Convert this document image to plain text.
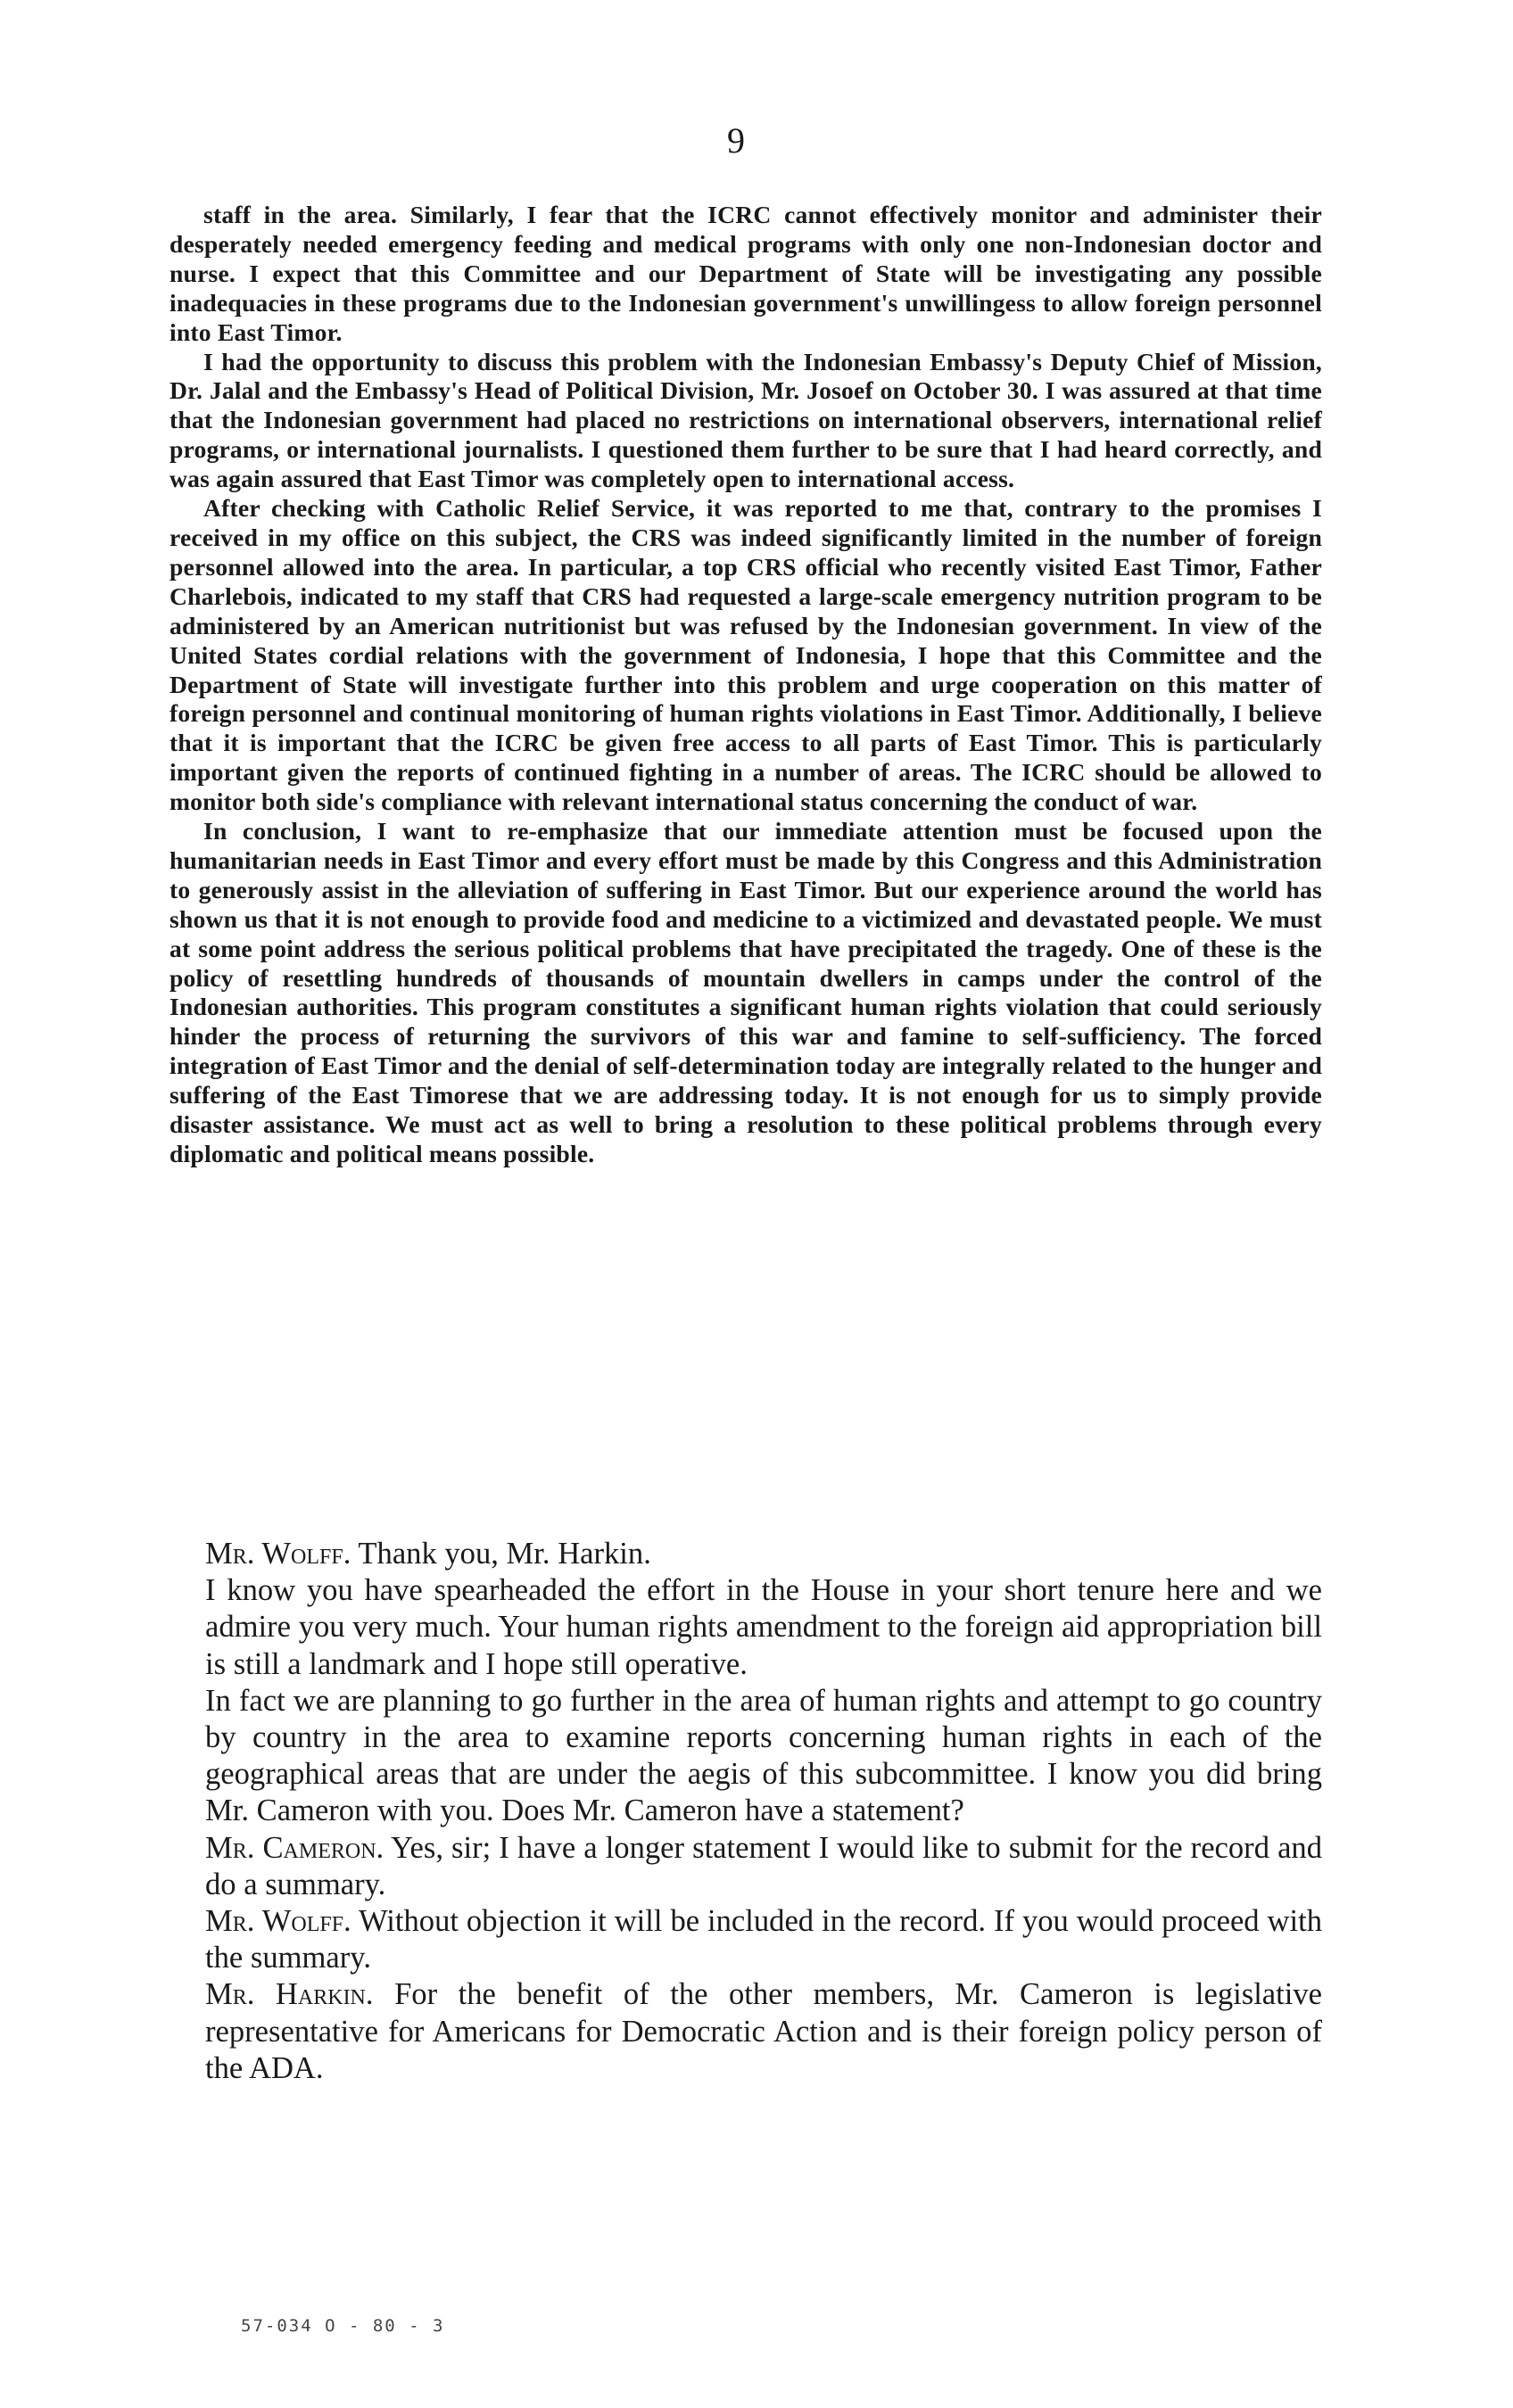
9

staff in the area. Similarly, I fear that the ICRC cannot effectively monitor and administer their desperately needed emergency feeding and medical programs with only one non-Indonesian doctor and nurse. I expect that this Committee and our Department of State will be investigating any possible inadequacies in these programs due to the Indonesian government's unwillingess to allow foreign personnel into East Timor.

I had the opportunity to discuss this problem with the Indonesian Embassy's Deputy Chief of Mission, Dr. Jalal and the Embassy's Head of Political Division, Mr. Josoef on October 30. I was assured at that time that the Indonesian government had placed no restrictions on international observers, international relief programs, or international journalists. I questioned them further to be sure that I had heard correctly, and was again assured that East Timor was completely open to international access.

After checking with Catholic Relief Service, it was reported to me that, contrary to the promises I received in my office on this subject, the CRS was indeed significantly limited in the number of foreign personnel allowed into the area. In particular, a top CRS official who recently visited East Timor, Father Charlebois, indicated to my staff that CRS had requested a large-scale emergency nutrition program to be administered by an American nutritionist but was refused by the Indonesian government. In view of the United States cordial relations with the government of Indonesia, I hope that this Committee and the Department of State will investigate further into this problem and urge cooperation on this matter of foreign personnel and continual monitoring of human rights violations in East Timor. Additionally, I believe that it is important that the ICRC be given free access to all parts of East Timor. This is particularly important given the reports of continued fighting in a number of areas. The ICRC should be allowed to monitor both side's compliance with relevant international status concerning the conduct of war.

In conclusion, I want to re-emphasize that our immediate attention must be focused upon the humanitarian needs in East Timor and every effort must be made by this Congress and this Administration to generously assist in the alleviation of suffering in East Timor. But our experience around the world has shown us that it is not enough to provide food and medicine to a victimized and devastated people. We must at some point address the serious political problems that have precipitated the tragedy. One of these is the policy of resettling hundreds of thousands of mountain dwellers in camps under the control of the Indonesian authorities. This program constitutes a significant human rights violation that could seriously hinder the process of returning the survivors of this war and famine to self-sufficiency. The forced integration of East Timor and the denial of self-determination today are integrally related to the hunger and suffering of the East Timorese that we are addressing today. It is not enough for us to simply provide disaster assistance. We must act as well to bring a resolution to these political problems through every diplomatic and political means possible.

Mr. Wolff. Thank you, Mr. Harkin.

I know you have spearheaded the effort in the House in your short tenure here and we admire you very much. Your human rights amendment to the foreign aid appropriation bill is still a landmark and I hope still operative.

In fact we are planning to go further in the area of human rights and attempt to go country by country in the area to examine reports concerning human rights in each of the geographical areas that are under the aegis of this subcommittee. I know you did bring Mr. Cameron with you. Does Mr. Cameron have a statement?

Mr. Cameron. Yes, sir; I have a longer statement I would like to submit for the record and do a summary.

Mr. Wolff. Without objection it will be included in the record. If you would proceed with the summary.

Mr. Harkin. For the benefit of the other members, Mr. Cameron is legislative representative for Americans for Democratic Action and is their foreign policy person of the ADA.

57-034 O - 80 - 3
